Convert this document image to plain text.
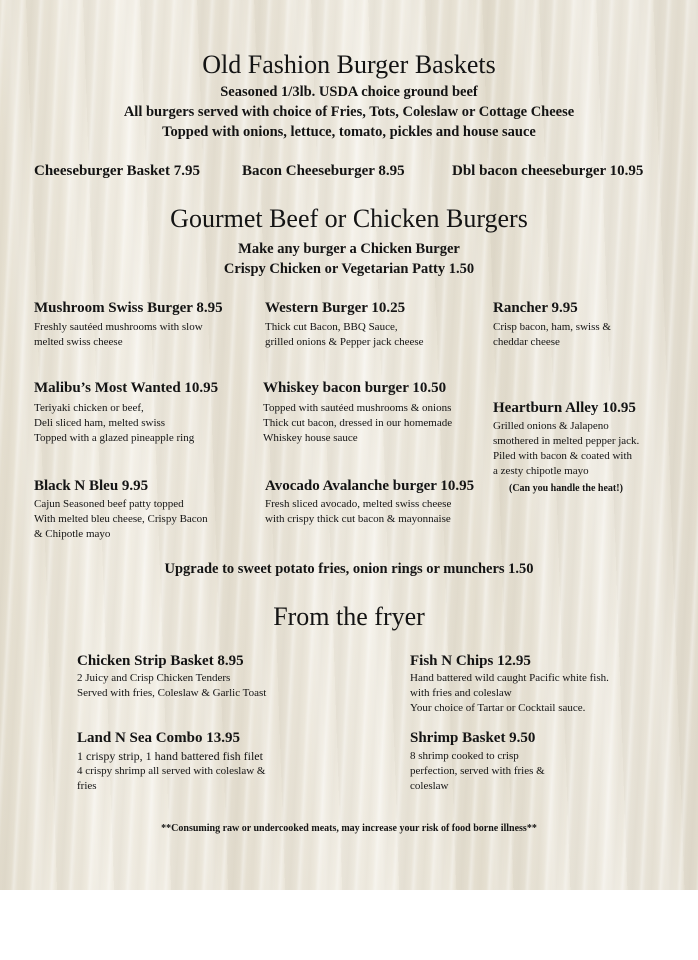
Old Fashion Burger Baskets
Seasoned 1/3lb. USDA choice ground beef
All burgers served with choice of Fries, Tots, Coleslaw or Cottage Cheese
Topped with onions, lettuce, tomato, pickles and house sauce
Cheeseburger Basket 7.95	Bacon Cheeseburger 8.95	Dbl bacon cheeseburger 10.95
Gourmet Beef or Chicken Burgers
Make any burger a Chicken Burger
Crispy Chicken or Vegetarian Patty 1.50
Mushroom Swiss Burger 8.95
Freshly sautéed mushrooms with slow
melted swiss cheese
Western Burger 10.25
Thick cut Bacon, BBQ Sauce,
grilled onions & Pepper jack cheese
Rancher 9.95
Crisp bacon, ham, swiss &
cheddar cheese
Malibu’s Most Wanted 10.95
Teriyaki chicken or beef,
Deli sliced ham, melted swiss
Topped with a glazed pineapple ring
Whiskey bacon burger 10.50
Topped with sautéed mushrooms & onions
Thick cut bacon, dressed in our homemade
Whiskey house sauce
Heartburn Alley 10.95
Grilled onions & Jalapeno
smothered in melted pepper jack.
Piled with bacon & coated with
a zesty chipotle mayo
Black N Bleu 9.95
Cajun Seasoned beef patty topped
With melted bleu cheese, Crispy Bacon
& Chipotle mayo
Avocado Avalanche burger 10.95
Fresh sliced avocado, melted swiss cheese
with crispy thick cut bacon & mayonnaise
(Can you handle the heat!)
Upgrade to sweet potato fries, onion rings or munchers 1.50
From the fryer
Chicken Strip Basket 8.95
2 Juicy and Crisp Chicken Tenders
Served with fries, Coleslaw & Garlic Toast
Fish N Chips 12.95
Hand battered wild caught Pacific white fish.
with fries and coleslaw
Your choice of Tartar or Cocktail sauce.
Land N Sea Combo 13.95
1 crispy strip, 1 hand battered fish filet
4 crispy shrimp all served with coleslaw &
fries
Shrimp Basket 9.50
8 shrimp cooked to crisp
perfection, served with fries &
coleslaw
**Consuming raw or undercooked meats, may increase your risk of food borne illness**
